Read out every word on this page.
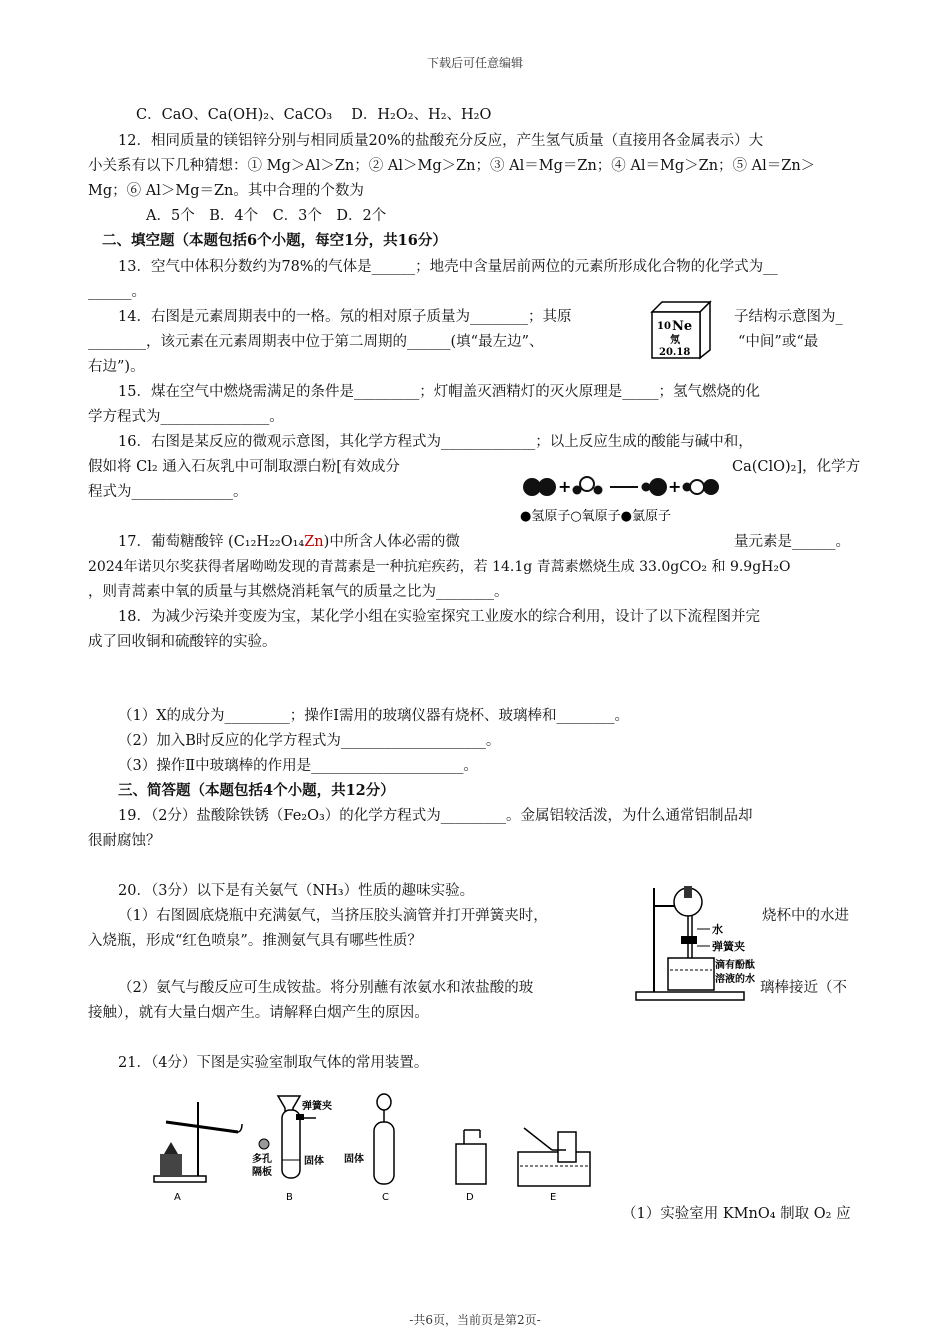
下载后可任意编辑
C．CaO、Ca(OH)₂、CaCO₃　 D．H₂O₂、H₂、H₂O
12．相同质量的镁铝锌分别与相同质量20%的盐酸充分反应，产生氢气质量（直接用各金属表示）大
小关系有以下几种猜想：① Mg＞Al＞Zn；② Al＞Mg＞Zn；③ Al＝Mg＝Zn；④ Al＝Mg＞Zn；⑤ Al＝Zn＞
Mg；⑥ Al＞Mg＝Zn。其中合理的个数为
A．5个　B．4个　C．3个　D．2个
二、填空题（本题包括6个小题，每空1分，共16分）
13．空气中体积分数约为78%的气体是______；地壳中含量居前两位的元素所形成化合物的化学式为__
______。
14．右图是元素周期表中的一格。氖的相对原子质量为________；其原	子结构示意图为_
________，该元素在元素周期表中位于第二周期的______(填“最左边”、	“中间”或“最
右边”)。
10 Ne
氖
20.18
15．煤在空气中燃烧需满足的条件是_________；灯帽盖灭酒精灯的灭火原理是_____；氢气燃烧的化
学方程式为_______________。
16．右图是某反应的微观示意图，其化学方程式为_____________；以上反应生成的酸能与碱中和，
假如将 Cl₂ 通入石灰乳中可制取漂白粉[有效成分	Ca(ClO)₂]，化学方
程式为______________。	+	+
●氢原子○氧原子●氯原子
17．葡萄糖酸锌 (C₁₂H₂₂O₁₄Zn)中所含人体必需的微	量元素是______。
2024年诺贝尔奖获得者屠呦呦发现的青蒿素是一种抗疟疾药，若 14.1g 青蒿素燃烧生成 33.0gCO₂ 和 9.9gH₂O
，则青蒿素中氧的质量与其燃烧消耗氧气的质量之比为________。
18．为减少污染并变废为宝，某化学小组在实验室探究工业废水的综合利用，设计了以下流程图并完
成了回收铜和硫酸锌的实验。
（1）X的成分为_________；操作Ⅰ需用的玻璃仪器有烧杯、玻璃棒和________。
（2）加入B时反应的化学方程式为____________________。
（3）操作Ⅱ中玻璃棒的作用是_____________________。
三、简答题（本题包括4个小题，共12分）
19．（2分）盐酸除铁锈（Fe₂O₃）的化学方程式为_________。金属铝较活泼，为什么通常铝制品却
很耐腐蚀？
20．（3分）以下是有关氨气（NH₃）性质的趣味实验。
（1）右图圆底烧瓶中充满氨气，当挤压胶头滴管并打开弹簧夹时，	烧杯中的水进
入烧瓶，形成“红色喷泉”。推测氨气具有哪些性质？
（2）氨气与酸反应可生成铵盐。将分别蘸有浓氨水和浓盐酸的玻	璃棒接近（不
接触），就有大量白烟产生。请解释白烟产生的原因。
水
弹簧夹
滴有酚酞
溶液的水
21．（4分）下图是实验室制取气体的常用装置。
A
弹簧夹
多孔
隔板
固体
B
固体
C	D	E
（1）实验室用 KMnO₄ 制取 O₂ 应
-共6页，当前页是第2页-
